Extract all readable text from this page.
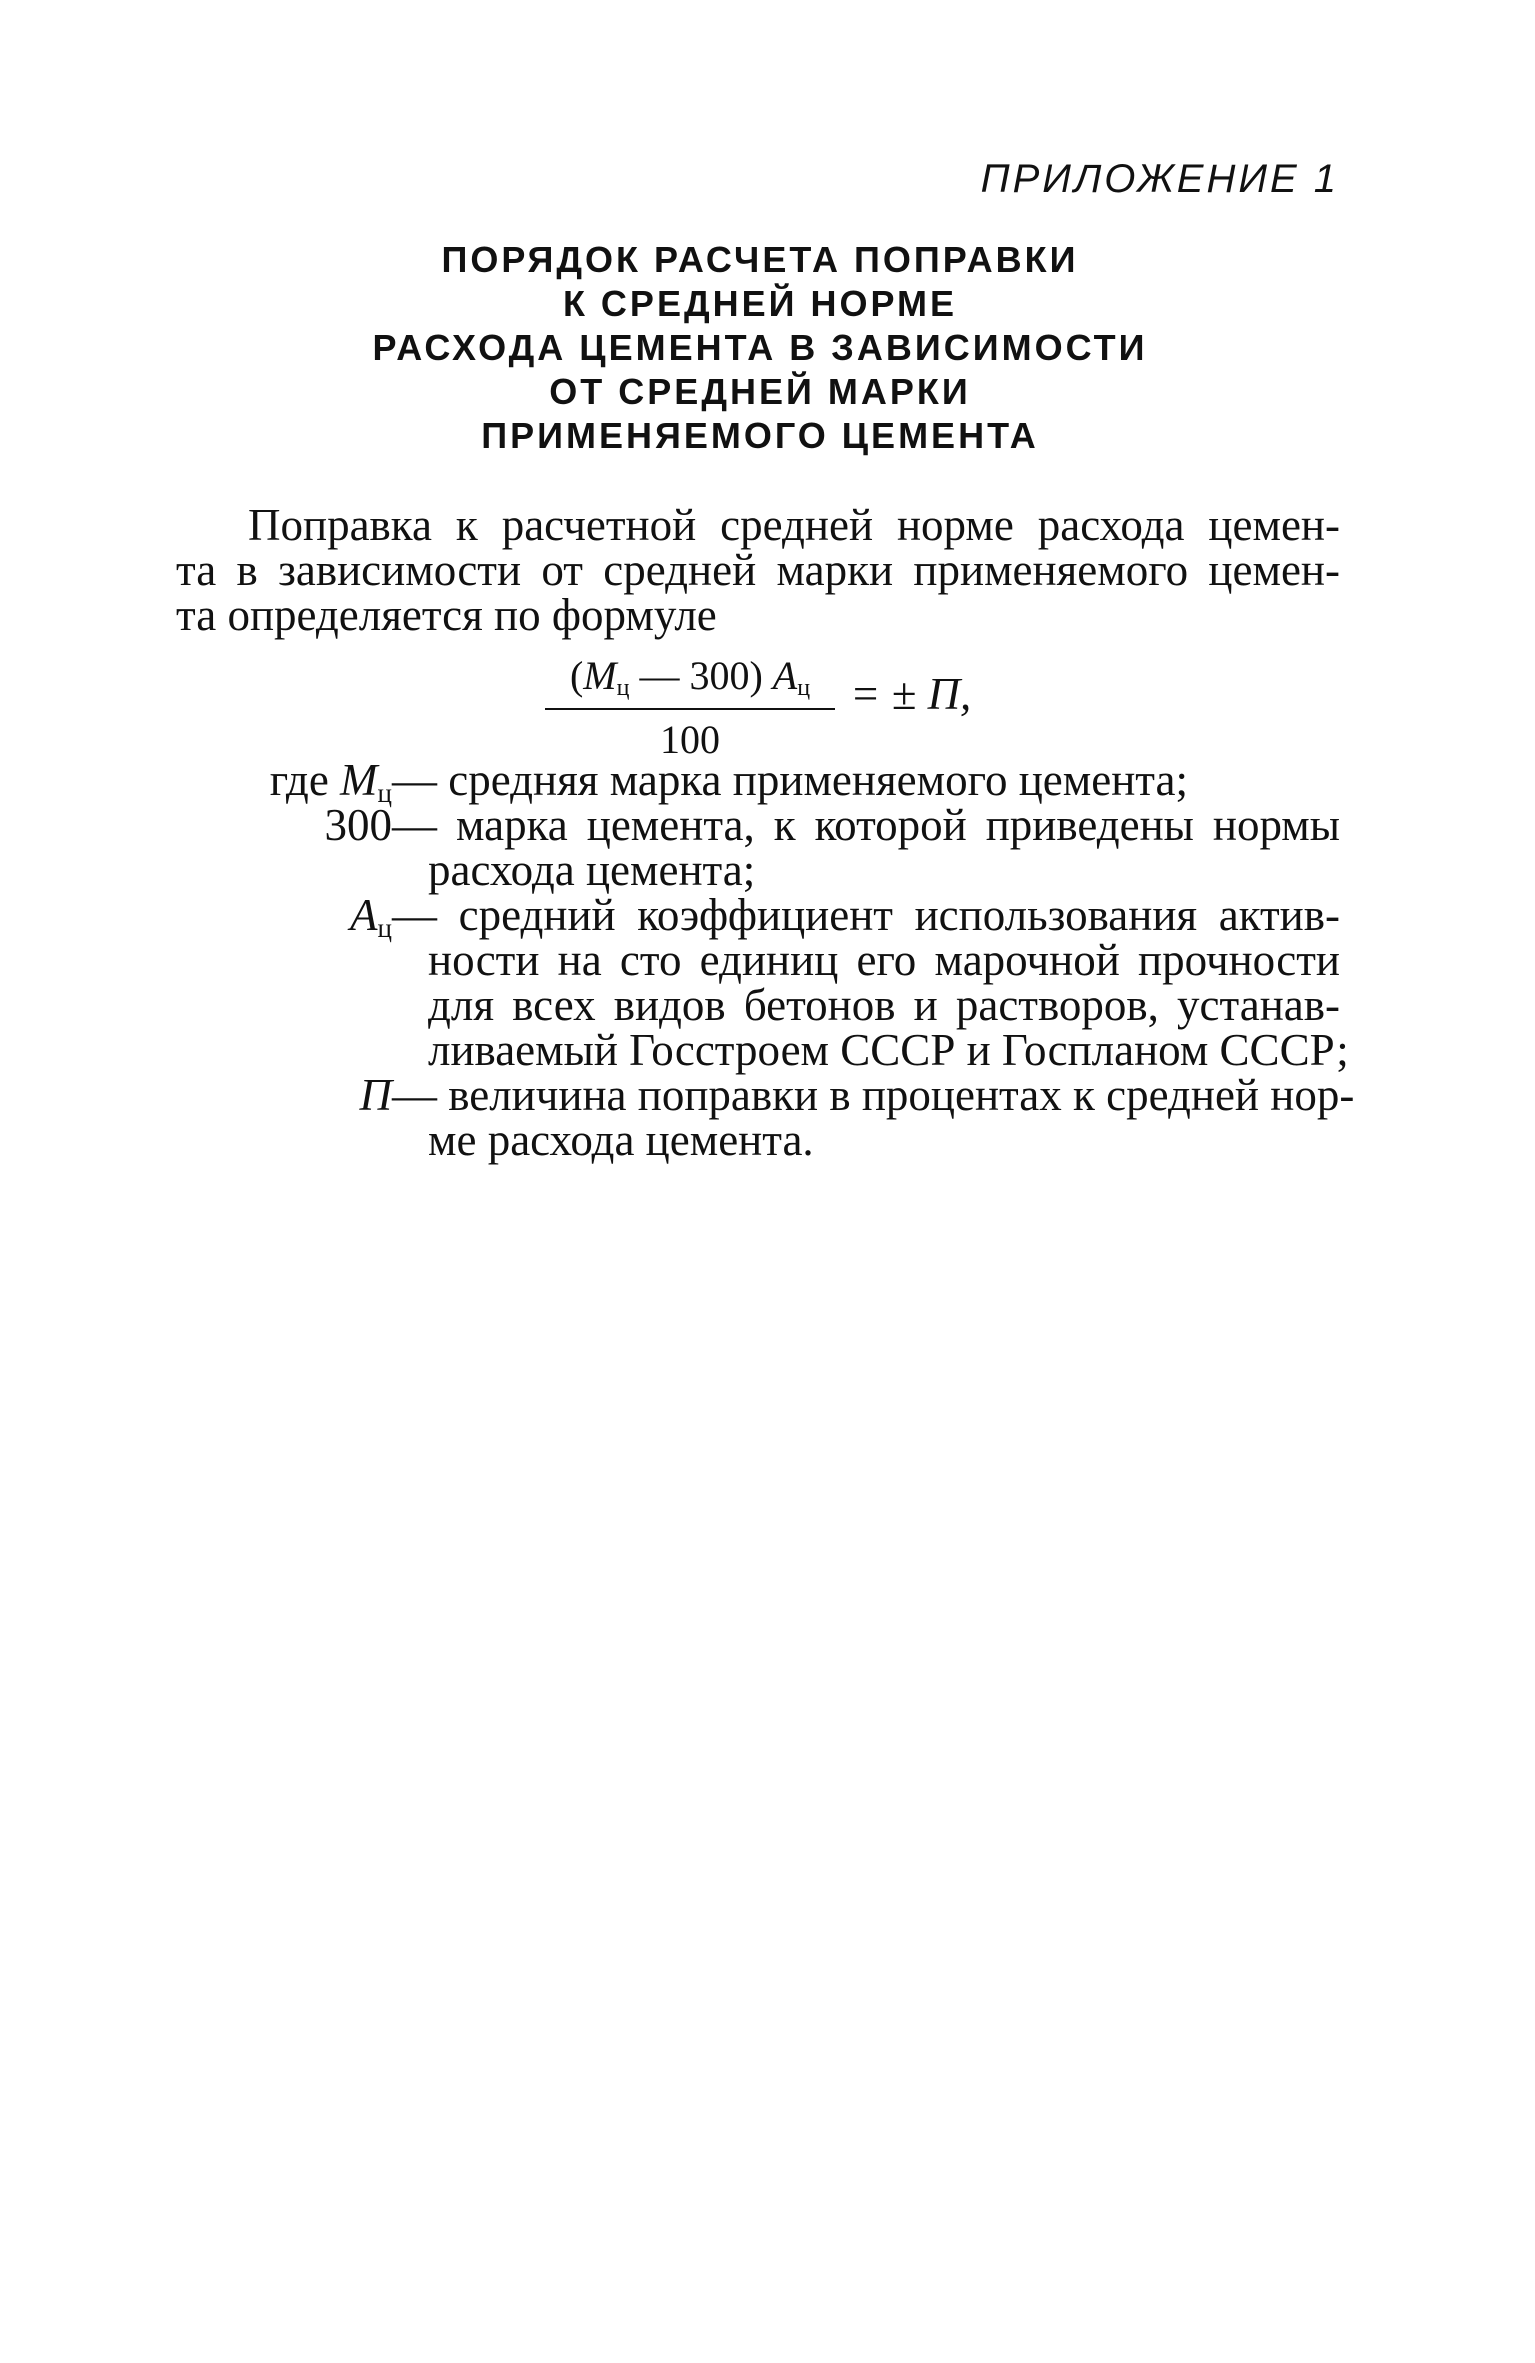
ПРИЛОЖЕНИЕ 1
ПОРЯДОК РАСЧЕТА ПОПРАВКИ
К СРЕДНЕЙ НОРМЕ
РАСХОДА ЦЕМЕНТА В ЗАВИСИМОСТИ
ОТ СРЕДНЕЙ МАРКИ
ПРИМЕНЯЕМОГО ЦЕМЕНТА
Поправка к расчетной средней норме расхода цемен-
та в зависимости от средней марки применяемого цемен-
та определяется по формуле
($М_ц$ — 300) $А_ц$
100
= ± П,
где $М_ц$ — средняя марка применяемого цемента;
300 — марка цемента, к которой приведены нормы
расхода цемента;
$А_ц$ — средний коэффициент использования актив-
ности на сто единиц его марочной прочности
для всех видов бетонов и растворов, устанав-
ливаемый Госстроем СССР и Госпланом СССР;
П — величина поправки в процентах к средней нор-
ме расхода цемента.
